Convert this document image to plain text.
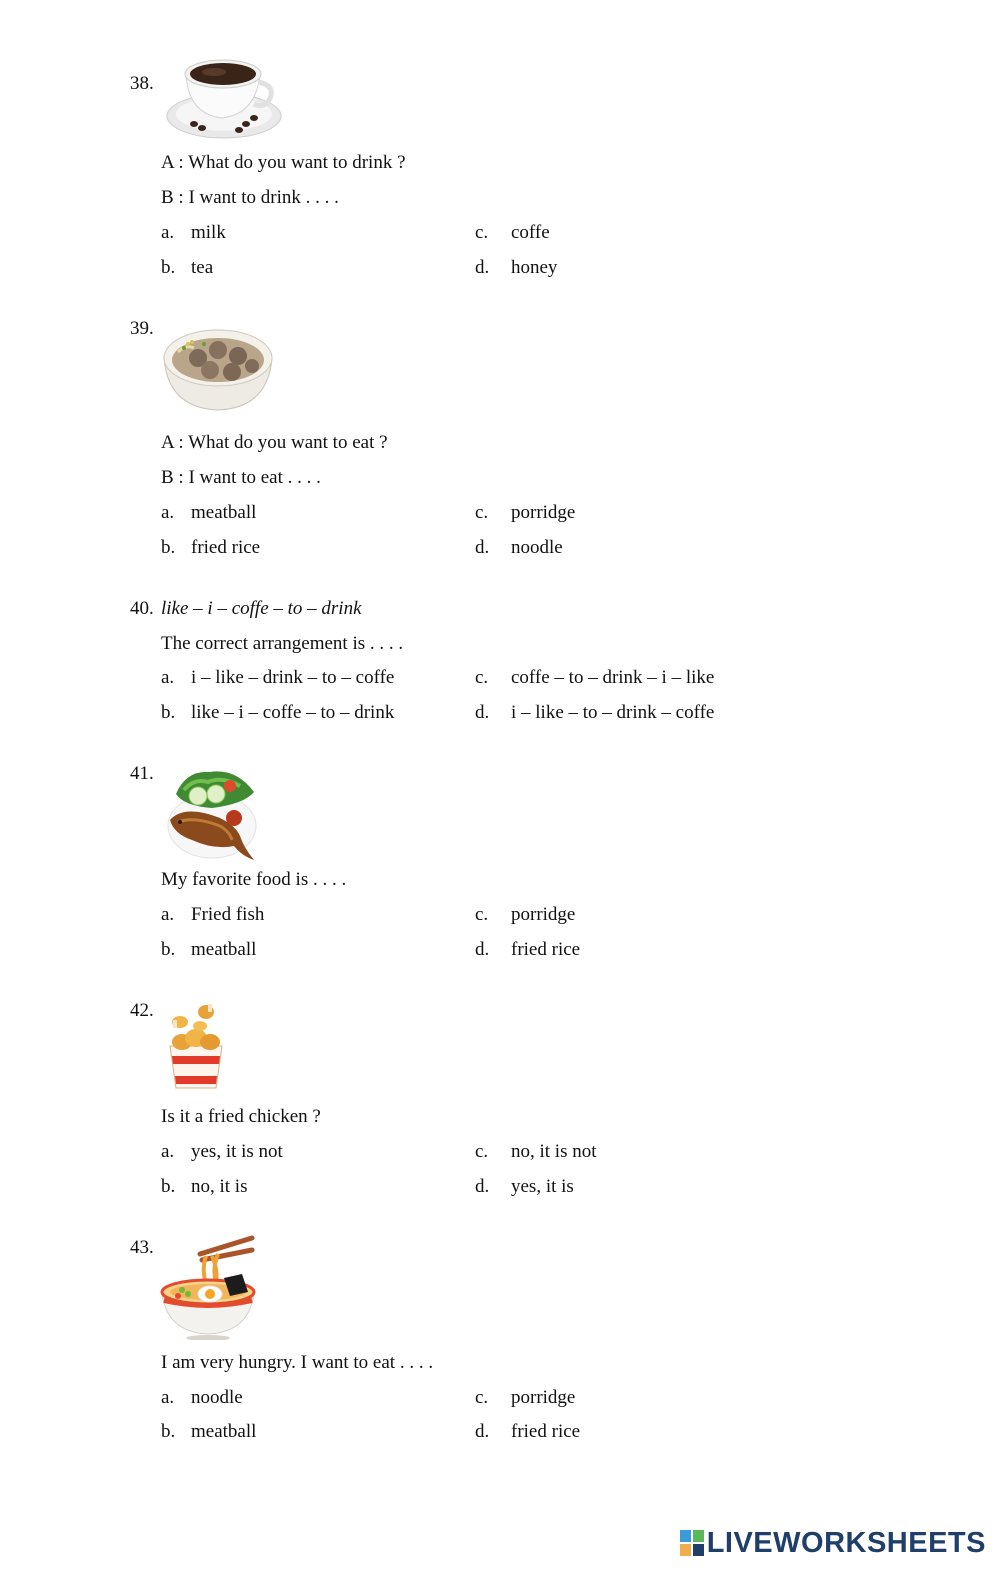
38.
A : What do you want to drink ?
B : I want to drink . . . .
a. milk
b. tea
c. coffe
d. honey
39.
A : What do you want to eat ?
B : I want to eat . . . .
a. meatball
b. fried rice
c. porridge
d. noodle
40. like – i – coffe – to – drink
The correct arrangement is . . . .
a. i – like – drink – to – coffe
b. like – i – coffe – to – drink
c. coffe – to – drink – i – like
d. i – like – to – drink – coffe
41.
My favorite food is . . . .
a. Fried fish
b. meatball
c. porridge
d. fried rice
42.
Is it a fried chicken ?
a. yes, it is not
b. no, it is
c. no, it is not
d. yes, it is
43.
I am very hungry. I want to eat . . . .
a. noodle
b. meatball
c. porridge
d. fried rice
LIVEWORKSHEETS
